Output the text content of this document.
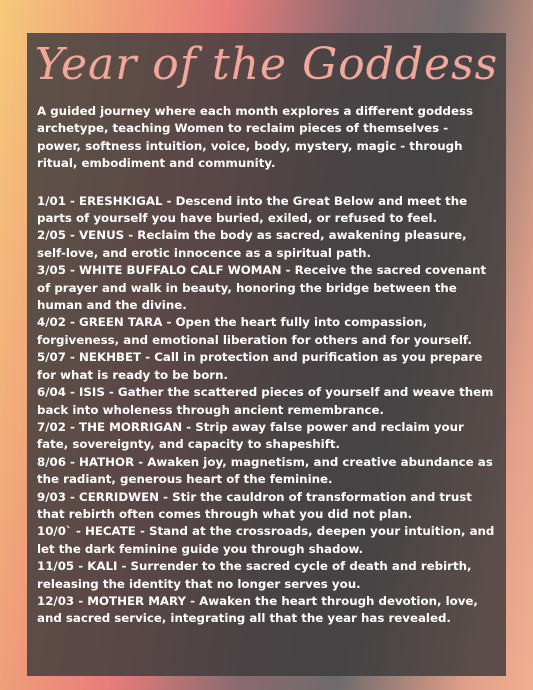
Year of the Goddess
A guided journey where each month explores a different goddess archetype, teaching Women to reclaim pieces of themselves - power, softness intuition, voice, body, mystery, magic - through ritual, embodiment and community.
1/01 - ERESHKIGAL - Descend into the Great Below and meet the parts of yourself you have buried, exiled, or refused to feel.
2/05 - VENUS - Reclaim the body as sacred, awakening pleasure, self-love, and erotic innocence as a spiritual path.
3/05 - WHITE BUFFALO CALF WOMAN - Receive the sacred covenant of prayer and walk in beauty, honoring the bridge between the human and the divine.
4/02 - GREEN TARA - Open the heart fully into compassion, forgiveness, and emotional liberation for others and for yourself.
5/07 - NEKHBET - Call in protection and purification as you prepare for what is ready to be born.
6/04 - ISIS - Gather the scattered pieces of yourself and weave them back into wholeness through ancient remembrance.
7/02 - THE MORRIGAN - Strip away false power and reclaim your fate, sovereignty, and capacity to shapeshift.
8/06 - HATHOR - Awaken joy, magnetism, and creative abundance as the radiant, generous heart of the feminine.
9/03 - CERRIDWEN - Stir the cauldron of transformation and trust that rebirth often comes through what you did not plan.
10/0` - HECATE - Stand at the crossroads, deepen your intuition, and let the dark feminine guide you through shadow.
11/05 - KALI - Surrender to the sacred cycle of death and rebirth, releasing the identity that no longer serves you.
12/03 - MOTHER MARY - Awaken the heart through devotion, love, and sacred service, integrating all that the year has revealed.
